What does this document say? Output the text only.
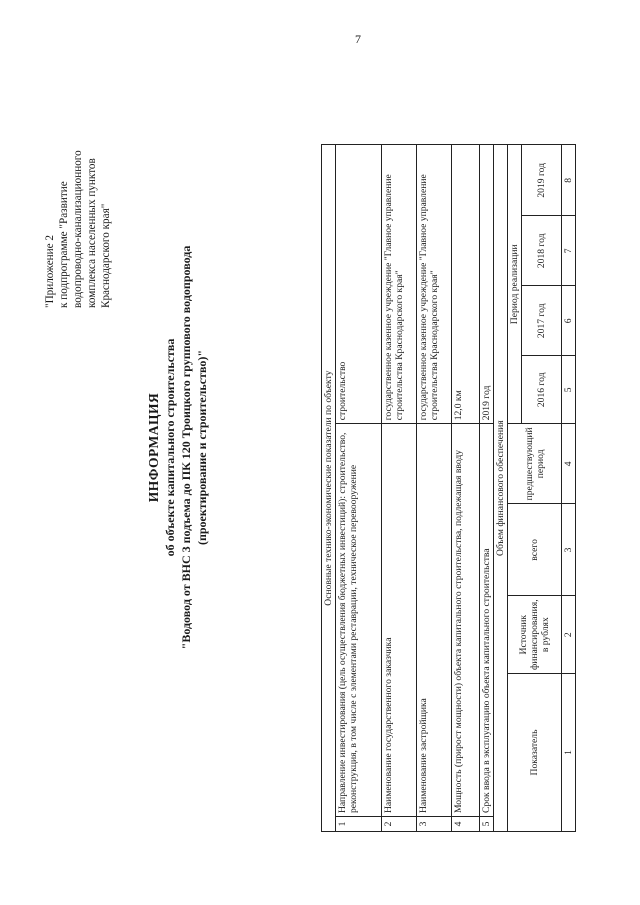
7
"Приложение 2 к подпрограмме "Развитие водопроводно-канализационного комплекса населенных пунктов Краснодарского края"
ИНФОРМАЦИЯ об объекте капитального строительства "Водовод от ВНС 3 подъема до ПК 120 Троицкого группового водопровода (проектирование и строительство)"	Основные технико-экономические показатели по объекту								
1	Направление инвестирования (цель осуществления бюджетных инвестиций): строительство, реконструкция, в том числе с элементами реставрации, техническое перевооружение				строительство			
2	Наименование государственного заказчика				государственное казенное учреждение "Главное управление строительства Краснодарского края"			
3	Наименование застройщика				государственное казенное учреждение "Главное управление строительства Краснодарского края"			
4	Мощность (прирост мощности) объекта капитального строительства, подлежащая вводу				12,0 км			
5	Срок ввода в эксплуатацию объекта капитального строительства				2019 год			
Объем финансового обеспечения								
Показатель		Источник финансирования, в рублях	всего	предшествующий период	Период реализации			
					2016 год	2017 год	2018 год	2019 год
1		2	3	4	5	6	7	8
